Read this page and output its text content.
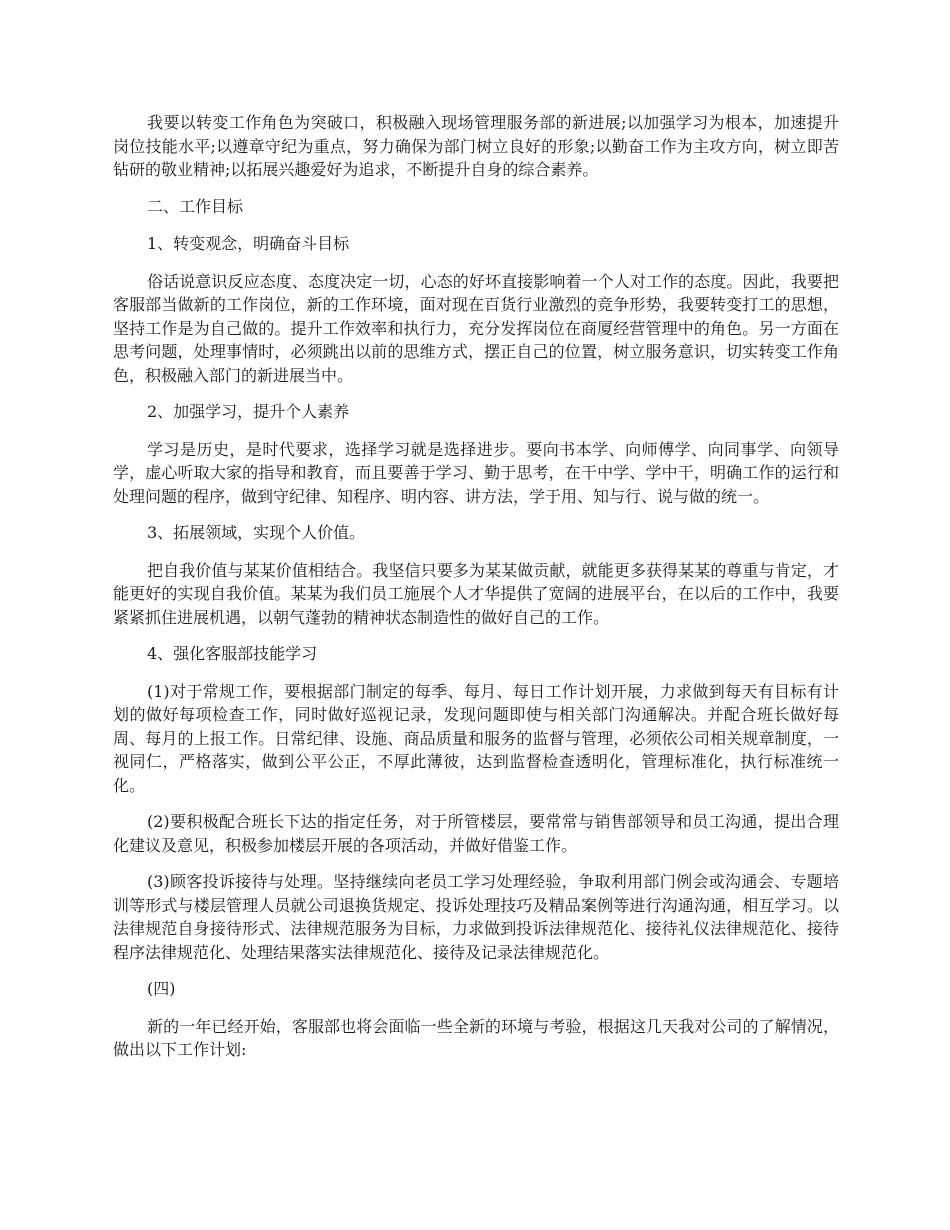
我要以转变工作角色为突破口，积极融入现场管理服务部的新进展;以加强学习为根本，加速提升岗位技能水平;以遵章守纪为重点，努力确保为部门树立良好的形象;以勤奋工作为主攻方向，树立即苦钻研的敬业精神;以拓展兴趣爱好为追求，不断提升自身的综合素养。

二、工作目标

1、转变观念，明确奋斗目标

俗话说意识反应态度、态度决定一切，心态的好坏直接影响着一个人对工作的态度。因此，我要把客服部当做新的工作岗位，新的工作环境，面对现在百货行业激烈的竞争形势，我要转变打工的思想，坚持工作是为自己做的。提升工作效率和执行力，充分发挥岗位在商厦经营管理中的角色。另一方面在思考问题，处理事情时，必须跳出以前的思维方式，摆正自己的位置，树立服务意识，切实转变工作角色，积极融入部门的新进展当中。

2、加强学习，提升个人素养

学习是历史，是时代要求，选择学习就是选择进步。要向书本学、向师傅学、向同事学、向领导学，虚心听取大家的指导和教育，而且要善于学习、勤于思考，在干中学、学中干，明确工作的运行和处理问题的程序，做到守纪律、知程序、明内容、讲方法，学于用、知与行、说与做的统一。

3、拓展领域，实现个人价值。

把自我价值与某某价值相结合。我坚信只要多为某某做贡献，就能更多获得某某的尊重与肯定，才能更好的实现自我价值。某某为我们员工施展个人才华提供了宽阔的进展平台，在以后的工作中，我要紧紧抓住进展机遇，以朝气蓬勃的精神状态制造性的做好自己的工作。

4、强化客服部技能学习

(1)对于常规工作，要根据部门制定的每季、每月、每日工作计划开展，力求做到每天有目标有计划的做好每项检查工作，同时做好巡视记录，发现问题即使与相关部门沟通解决。并配合班长做好每周、每月的上报工作。日常纪律、设施、商品质量和服务的监督与管理，必须依公司相关规章制度，一视同仁，严格落实，做到公平公正，不厚此薄彼，达到监督检查透明化，管理标准化，执行标准统一化。

(2)要积极配合班长下达的指定任务，对于所管楼层，要常常与销售部领导和员工沟通，提出合理化建议及意见，积极参加楼层开展的各项活动，并做好借鉴工作。

(3)顾客投诉接待与处理。坚持继续向老员工学习处理经验，争取利用部门例会或沟通会、专题培训等形式与楼层管理人员就公司退换货规定、投诉处理技巧及精品案例等进行沟通沟通，相互学习。以法律规范自身接待形式、法律规范服务为目标，力求做到投诉法律规范化、接待礼仪法律规范化、接待程序法律规范化、处理结果落实法律规范化、接待及记录法律规范化。

(四)

新的一年已经开始，客服部也将会面临一些全新的环境与考验，根据这几天我对公司的了解情况，做出以下工作计划:
